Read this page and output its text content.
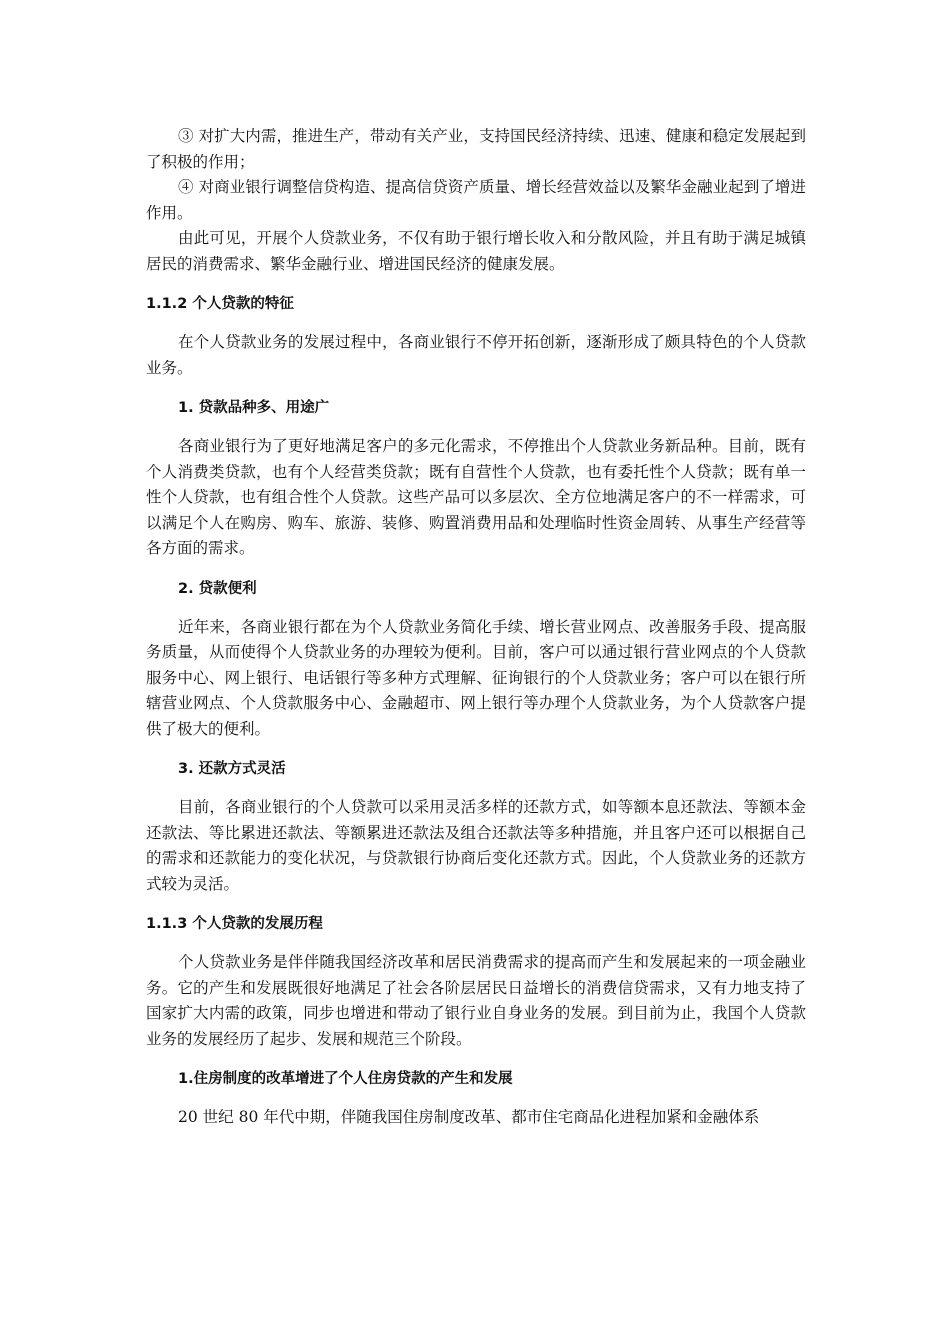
③ 对扩大内需，推进生产，带动有关产业，支持国民经济持续、迅速、健康和稳定发展起到了积极的作用；

④ 对商业银行调整信贷构造、提高信贷资产质量、增长经营效益以及繁华金融业起到了增进作用。

由此可见，开展个人贷款业务，不仅有助于银行增长收入和分散风险，并且有助于满足城镇居民的消费需求、繁华金融行业、增进国民经济的健康发展。

1.1.2 个人贷款的特征

在个人贷款业务的发展过程中，各商业银行不停开拓创新，逐渐形成了颇具特色的个人贷款业务。

1. 贷款品种多、用途广

各商业银行为了更好地满足客户的多元化需求，不停推出个人贷款业务新品种。目前，既有个人消费类贷款，也有个人经营类贷款；既有自营性个人贷款，也有委托性个人贷款；既有单一性个人贷款，也有组合性个人贷款。这些产品可以多层次、全方位地满足客户的不一样需求，可以满足个人在购房、购车、旅游、装修、购置消费用品和处理临时性资金周转、从事生产经营等各方面的需求。

2. 贷款便利

近年来，各商业银行都在为个人贷款业务简化手续、增长营业网点、改善服务手段、提高服务质量，从而使得个人贷款业务的办理较为便利。目前，客户可以通过银行营业网点的个人贷款服务中心、网上银行、电话银行等多种方式理解、征询银行的个人贷款业务；客户可以在银行所辖营业网点、个人贷款服务中心、金融超市、网上银行等办理个人贷款业务，为个人贷款客户提供了极大的便利。

3. 还款方式灵活

目前，各商业银行的个人贷款可以采用灵活多样的还款方式，如等额本息还款法、等额本金还款法、等比累进还款法、等额累进还款法及组合还款法等多种措施，并且客户还可以根据自己的需求和还款能力的变化状况，与贷款银行协商后变化还款方式。因此，个人贷款业务的还款方式较为灵活。

1.1.3 个人贷款的发展历程

个人贷款业务是伴伴随我国经济改革和居民消费需求的提高而产生和发展起来的一项金融业务。它的产生和发展既很好地满足了社会各阶层居民日益增长的消费信贷需求，又有力地支持了国家扩大内需的政策，同步也增进和带动了银行业自身业务的发展。到目前为止，我国个人贷款业务的发展经历了起步、发展和规范三个阶段。

1.住房制度的改革增进了个人住房贷款的产生和发展

20 世纪 80 年代中期，伴随我国住房制度改革、都市住宅商品化进程加紧和金融体系
